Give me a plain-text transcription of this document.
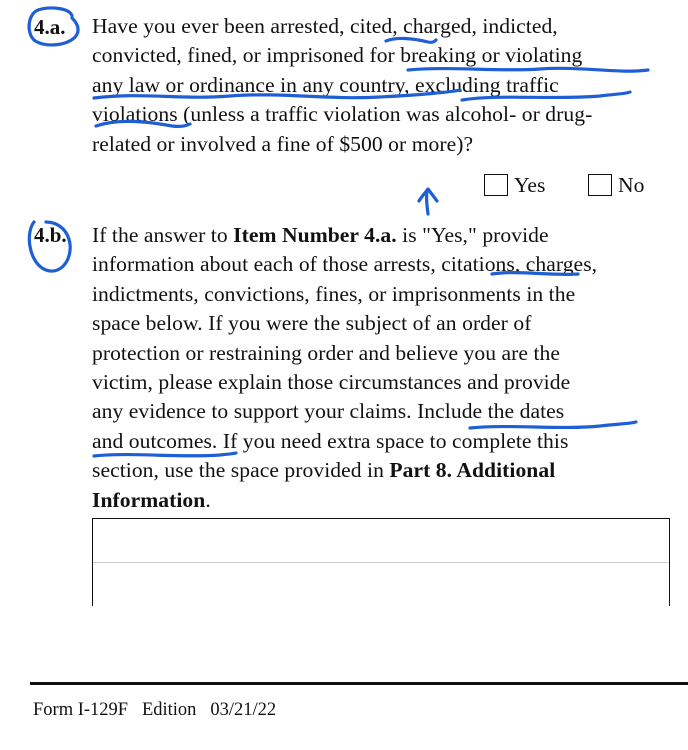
4.a. Have you ever been arrested, cited, charged, indicted,
convicted, fined, or imprisoned for breaking or violating
any law or ordinance in any country, excluding traffic
violations (unless a traffic violation was alcohol- or drug-
related or involved a fine of $500 or more)?
Yes	No
4.b. If the answer to Item Number 4.a. is "Yes," provide
information about each of those arrests, citations, charges,
indictments, convictions, fines, or imprisonments in the
space below. If you were the subject of an order of
protection or restraining order and believe you are the
victim, please explain those circumstances and provide
any evidence to support your claims. Include the dates
and outcomes. If you need extra space to complete this
section, use the space provided in Part 8. Additional
Information.
Form I-129F Edition 03/21/22
